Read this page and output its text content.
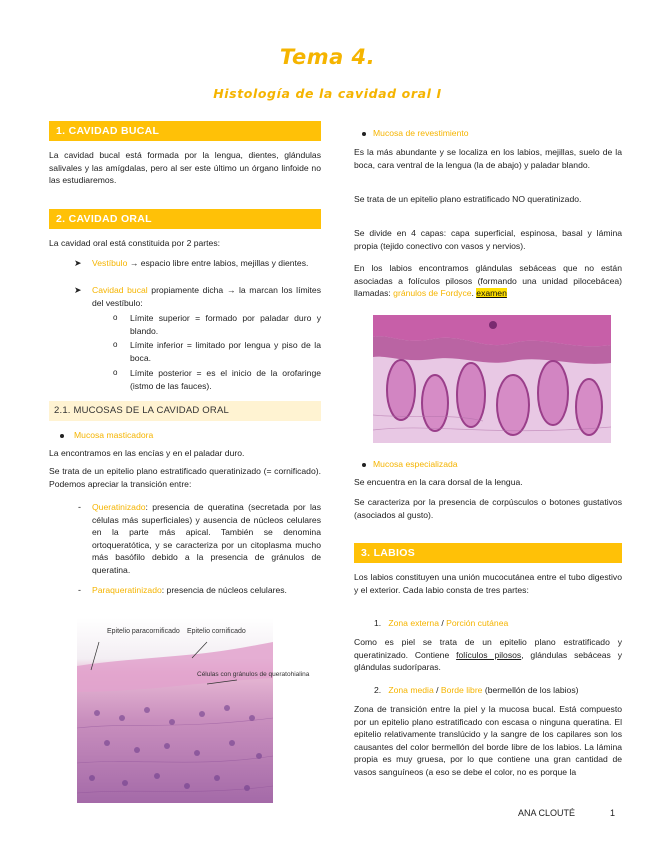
Tema 4.
Histología de la cavidad oral I
1. CAVIDAD BUCAL
La cavidad bucal está formada por la lengua, dientes, glándulas salivales y las amígdalas, pero al ser este último un órgano linfoide no las estudiaremos.
2. CAVIDAD ORAL
La cavidad oral está constituida por 2 partes:
➤ Vestíbulo → espacio libre entre labios, mejillas y dientes.
➤ Cavidad bucal propiamente dicha → la marcan los límites del vestíbulo:
o Límite superior = formado por paladar duro y blando.
o Límite inferior = limitado por lengua y piso de la boca.
o Límite posterior = es el inicio de la orofaringe (istmo de las fauces).
2.1. MUCOSAS DE LA CAVIDAD ORAL
Mucosa masticadora
La encontramos en las encías y en el paladar duro.
Se trata de un epitelio plano estratificado queratinizado (= cornificado). Podemos apreciar la transición entre:
- Queratinizado: presencia de queratina (secretada por las células más superficiales) y ausencia de núcleos celulares en la parte más apical. También se denomina ortoqueratótica, y se caracteriza por un citoplasma mucho más basófilo debido a la presencia de gránulos de queratina.
- Paraqueratinizado: presencia de núcleos celulares.
Epitelio paracornificado Epitelio cornificado
Células con gránulos de queratohialina
Mucosa de revestimiento
Es la más abundante y se localiza en los labios, mejillas, suelo de la boca, cara ventral de la lengua (la de abajo) y paladar blando.
Se trata de un epitelio plano estratificado NO queratinizado.
Se divide en 4 capas: capa superficial, espinosa, basal y lámina propia (tejido conectivo con vasos y nervios).
En los labios encontramos glándulas sebáceas que no están asociadas a folículos pilosos (formando una unidad pilocebácea) llamadas: gránulos de Fordyce. examen
Mucosa especializada
Se encuentra en la cara dorsal de la lengua.
Se caracteriza por la presencia de corpúsculos o botones gustativos (asociados al gusto).
3. LABIOS
Los labios constituyen una unión mucocutánea entre el tubo digestivo y el exterior. Cada labio consta de tres partes:
1. Zona externa / Porción cutánea
Como es piel se trata de un epitelio plano estratificado y queratinizado. Contiene folículos pilosos, glándulas sebáceas y glándulas sudoríparas.
2. Zona media / Borde libre (bermellón de los labios)
Zona de transición entre la piel y la mucosa bucal. Está compuesto por un epitelio plano estratificado con escasa o ninguna queratina. El epitelio relativamente translúcido y la sangre de los capilares son los causantes del color bermellón del borde libre de los labios. La lámina propia es muy gruesa, por lo que contiene una gran cantidad de vasos sanguíneos (a eso se debe el color, no es porque la
ANA CLOUTÉ	1
